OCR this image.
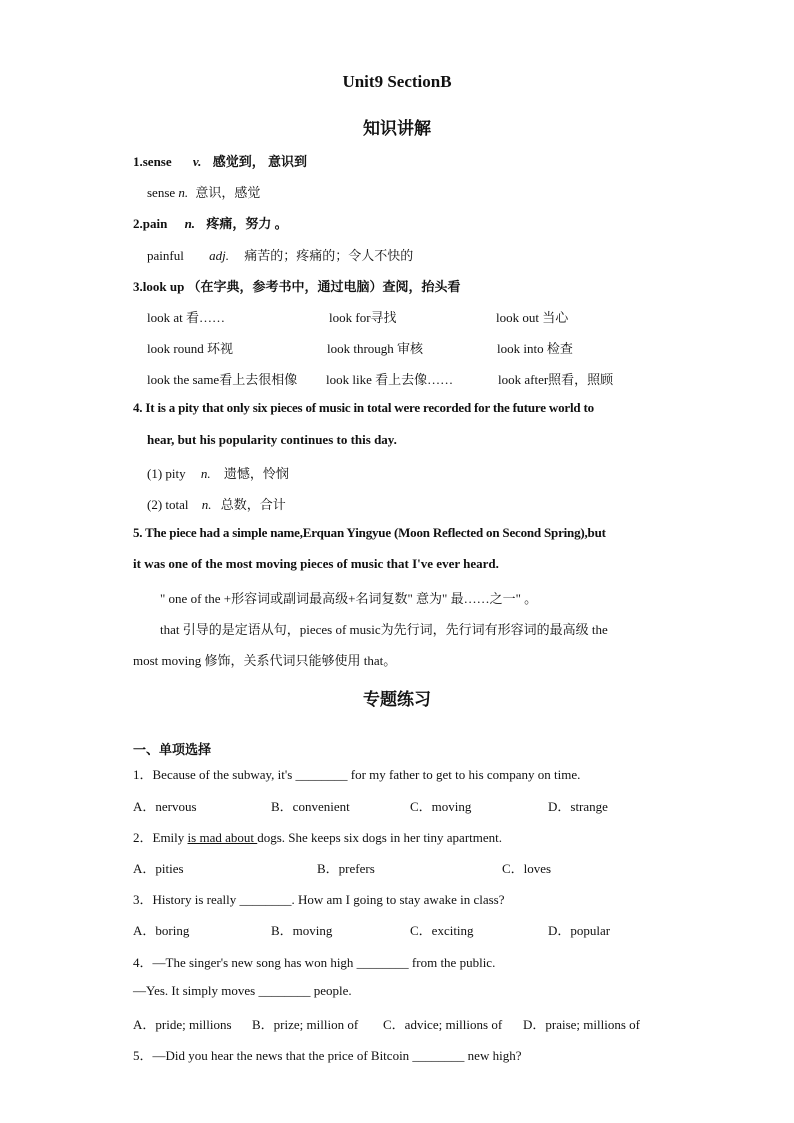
Unit9 SectionB
知识讲解
1.sense v. 感觉到， 意识到
sense n. 意识，感觉
2.pain n. 疼痛，努力 。
painful adj. 痛苦的；疼痛的；令人不快的
3.look up （在字典，参考书中，通过电脑）查阅，抬头看
look at 看……	look for寻找	look out 当心
look round 环视	look through 审核	look into 检查
look the same看上去很相像 look like 看上去像……	look after照看，照顾
4. It is a pity that only six pieces of music in total were recorded for the future world to
hear, but his popularity continues to this day.
(1) pity n. 遗憾，怜悯
(2) total n. 总数，合计
5. The piece had a simple name,Erquan Yingyue (Moon Reflected on Second Spring),but
it was one of the most moving pieces of music that I've ever heard.
" one of the +形容词或副词最高级+名词复数" 意为" 最……之一" 。
that 引导的是定语从句，pieces of music为先行词，先行词有形容词的最高级 the
most moving 修饰，关系代词只能够使用 that。
专题练习
一、单项选择
1．Because of the subway, it's ________ for my father to get to his company on time.
A．nervous	B．convenient	C．moving	D．strange
2．Emily is mad about dogs. She keeps six dogs in her tiny apartment.
A．pities	B．prefers	C．loves
3．History is really ________. How am I going to stay awake in class?
A．boring	B．moving	C．exciting	D．popular
4．—The singer's new song has won high ________ from the public.
—Yes. It simply moves ________ people.
A．pride; millions B．prize; million of C．advice; millions of D．praise; millions of
5．—Did you hear the news that the price of Bitcoin ________ new high?
